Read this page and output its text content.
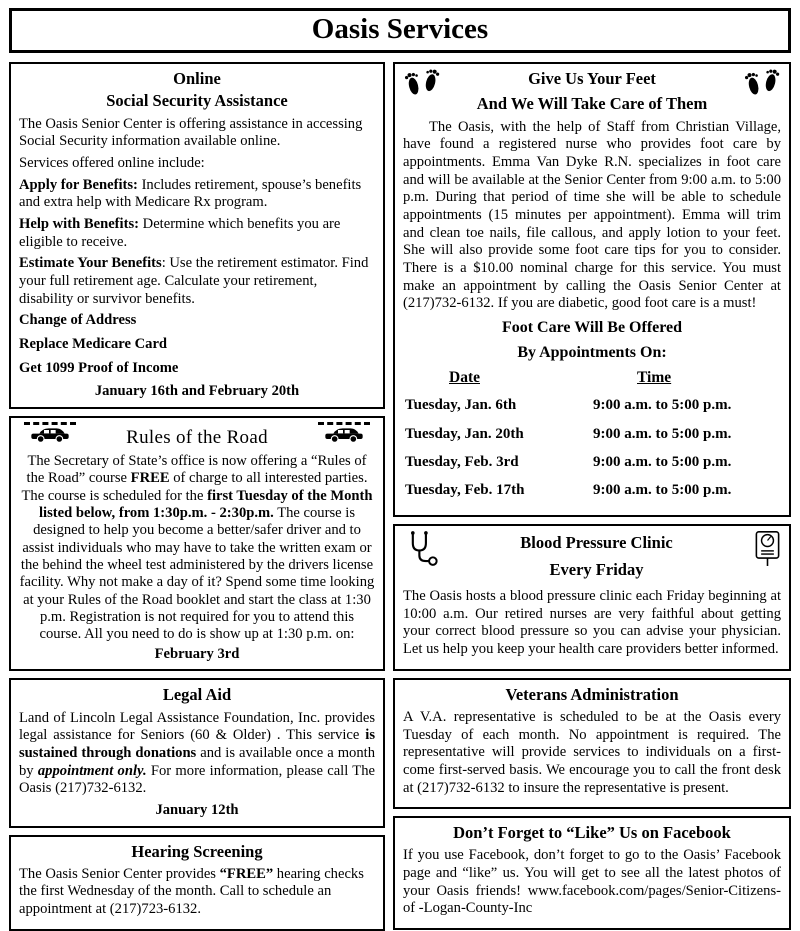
Oasis Services
Online
Social Security Assistance

The Oasis Senior Center is offering assistance in accessing Social Security information available online.

Services offered online include:

Apply for Benefits: Includes retirement, spouse’s benefits and extra help with Medicare Rx program.

Help with Benefits: Determine which benefits you are eligible to receive.

Estimate Your Benefits: Use the retirement estimator. Find your full retirement age. Calculate your retirement, disability or survivor benefits.

Change of Address

Replace Medicare Card

Get 1099 Proof of Income

January 16th and February 20th

Rules of the Road

The Secretary of State’s office is now offering a “Rules of the Road” course FREE of charge to all interested parties. The course is scheduled for the first Tuesday of the Month listed below, from 1:30p.m. - 2:30p.m. The course is designed to help you become a better/safer driver and to assist individuals who may have to take the written exam or the behind the wheel test administered by the drivers license facility. Why not make a day of it? Spend some time looking at your Rules of the Road booklet and start the class at 1:30 p.m. Registration is not required for you to attend this course. All you need to do is show up at 1:30 p.m. on:

February 3rd

Legal Aid

Land of Lincoln Legal Assistance Foundation, Inc. provides legal assistance for Seniors (60 & Older) . This service is sustained through donations and is available once a month by appointment only. For more information, please call The Oasis (217)732-6132.

January 12th

Hearing Screening

The Oasis Senior Center provides “FREE” hearing checks the first Wednesday of the month. Call to schedule an appointment at (217)723-6132.

Give Us Your Feet
And We Will Take Care of Them

The Oasis, with the help of Staff from Christian Village, have found a registered nurse who provides foot care by appointments. Emma Van Dyke R.N. specializes in foot care and will be available at the Senior Center from 9:00 a.m. to 5:00 p.m. During that period of time she will be able to schedule appointments (15 minutes per appointment). Emma will trim and clean toe nails, file callous, and apply lotion to your feet. She will also provide some foot care tips for you to consider. There is a $10.00 nominal charge for this service. You must make an appointment by calling the Oasis Senior Center at (217)732-6132. If you are diabetic, good foot care is a must!

Foot Care Will Be Offered

By Appointments On:

Date	Time
Tuesday, Jan. 6th	9:00 a.m. to 5:00 p.m.
Tuesday, Jan. 20th	9:00 a.m. to 5:00 p.m.
Tuesday, Feb. 3rd	9:00 a.m. to 5:00 p.m.
Tuesday, Feb. 17th	9:00 a.m. to 5:00 p.m.
Blood Pressure Clinic
Every Friday

The Oasis hosts a blood pressure clinic each Friday beginning at 10:00 a.m. Our retired nurses are very faithful about getting your correct blood pressure so you can advise your physician. Let us help you keep your health care providers better informed.

Veterans Administration

A V.A. representative is scheduled to be at the Oasis every Tuesday of each month. No appointment is required. The representative will provide services to individuals on a first- come first-served basis. We encourage you to call the front desk at (217)732-6132 to insure the representative is present.

Don’t Forget to “Like” Us on Facebook

If you use Facebook, don’t forget to go to the Oasis’ Facebook page and “like” us. You will get to see all the latest photos of your Oasis friends! www.facebook.com/pages/Senior-Citizens-of -Logan-County-Inc
